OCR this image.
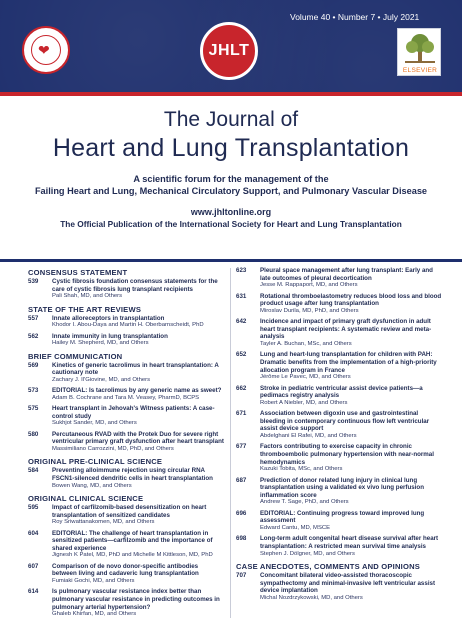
❤	JHLT
Volume 40 • Number 7 • July 2021
ELSEVIER
The Journal of
Heart and Lung Transplantation
A scientific forum for the management of the
Failing Heart and Lung, Mechanical Circulatory Support, and Pulmonary Vascular Disease
www.jhltonline.org
The Official Publication of the International Society for Heart and Lung Transplantation
CONSENSUS STATEMENT
539	Cystic fibrosis foundation consensus statements for the care of cystic fibrosis lung transplant recipients
Pali Shah, MD, and Others
STATE OF THE ART REVIEWS
557	Innate alloreceptors in transplantation
Khodor I. Abou-Daya and Martin H. Oberbarnscheidt, PhD
562	Innate immunity in lung transplantation
Hailey M. Shepherd, MD, and Others
BRIEF COMMUNICATION
569	Kinetics of generic tacrolimus in heart transplantation: A cautionary note
Zachary J. Il'Giovine, MD, and Others
573	EDITORIAL: Is tacrolimus by any generic name as sweet?
Adam B. Cochrane and Tara M. Veasey, PharmD, BCPS
575	Heart transplant in Jehovah's Witness patients: A case-control study
Sukhjot Sander, MD, and Others
580	Percutaneous RVAD with the Protek Duo for severe right ventricular primary graft dysfunction after heart transplant
Massimiliano Carrozzini, MD, PhD, and Others
ORIGINAL PRE-CLINICAL SCIENCE
584	Preventing alloimmune rejection using circular RNA FSCN1-silenced dendritic cells in heart transplantation
Bowen Wang, MD, and Others
ORIGINAL CLINICAL SCIENCE
595	Impact of carfilzomib-based desensitization on heart transplantation of sensitized candidates
Roy Sriwattanakomen, MD, and Others
604	EDITORIAL: The challenge of heart transplantation in sensitized patients—carfilzomib and the importance of shared experience
Jignesh K Patel, MD, PhD and Michelle M Kittleson, MD, PhD
607	Comparison of de novo donor-specific antibodies between living and cadaveric lung transplantation
Fumiaki Gochi, MD, and Others
614	Is pulmonary vascular resistance index better than pulmonary vascular resistance in predicting outcomes in pulmonary arterial hypertension?
Ghaleb Khirfan, MD, and Others
623	Pleural space management after lung transplant: Early and late outcomes of pleural decortication
Jesse M. Rappaport, MD, and Others
631	Rotational thromboelastometry reduces blood loss and blood product usage after lung transplantation
Miroslav Durila, MD, PhD, and Others
642	Incidence and impact of primary graft dysfunction in adult heart transplant recipients: A systematic review and meta-analysis
Tayler A. Buchan, MSc, and Others
652	Lung and heart-lung transplantation for children with PAH: Dramatic benefits from the implementation of a high-priority allocation program in France
Jérôme Le Pavec, MD, and Others
662	Stroke in pediatric ventricular assist device patients—a pedimacs registry analysis
Robert A Niebler, MD, and Others
671	Association between digoxin use and gastrointestinal bleeding in contemporary continuous flow left ventricular assist device support
Abdelghani El Rafei, MD, and Others
677	Factors contributing to exercise capacity in chronic thromboembolic pulmonary hypertension with near-normal hemodynamics
Kazuki Tobita, MSc, and Others
687	Prediction of donor related lung injury in clinical lung transplantation using a validated ex vivo lung perfusion inflammation score
Andrew T. Sage, PhD, and Others
696	EDITORIAL: Continuing progress toward improved lung assessment
Edward Cantu, MD, MSCE
698	Long-term adult congenital heart disease survival after heart transplantation: A restricted mean survival time analysis
Stephen J. Dölgner, MD, and Others
CASE ANECDOTES, COMMENTS AND OPINIONS
707	Concomitant bilateral video-assisted thoracoscopic sympathectomy and minimal-invasive left ventricular assist device implantation
Michal Nozdrzykowski, MD, and Others
